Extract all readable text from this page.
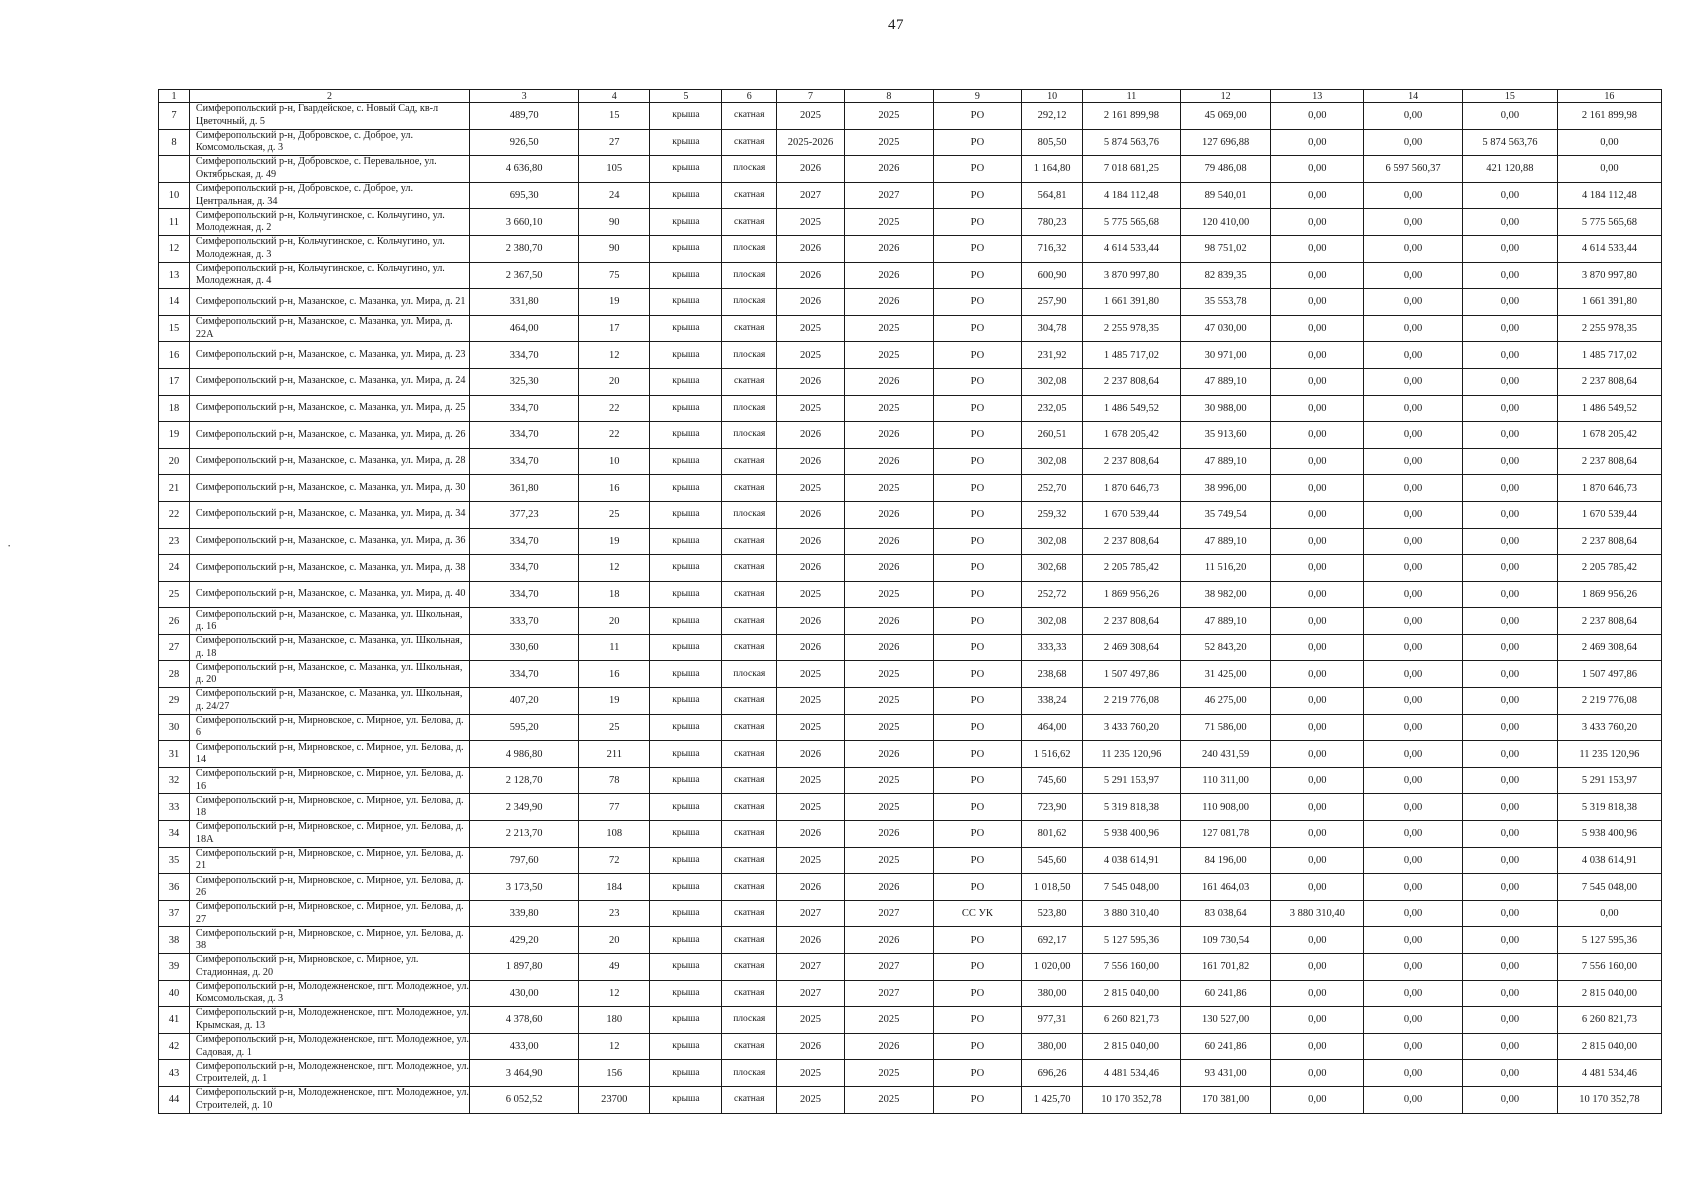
47
·
1	2	3	4	5	6	7	8	9	10	11	12	13	14	15	16
7	Симферопольский р-н, Гвардейское, с. Новый Сад, кв-л Цветочный, д. 5	489,70	15	крыша	скатная	2025	2025	РО	292,12	2 161 899,98	45 069,00	0,00	0,00	0,00	2 161 899,98
8	Симферопольский р-н, Добровское, с. Доброе, ул. Комсомольская, д. 3	926,50	27	крыша	скатная	2025-2026	2025	РО	805,50	5 874 563,76	127 696,88	0,00	0,00	5 874 563,76	0,00
	Симферопольский р-н, Добровское, с. Перевальное, ул. Октябрьская, д. 49	4 636,80	105	крыша	плоская	2026	2026	РО	1 164,80	7 018 681,25	79 486,08	0,00	6 597 560,37	421 120,88	0,00
10	Симферопольский р-н, Добровское, с. Доброе, ул. Центральная, д. 34	695,30	24	крыша	скатная	2027	2027	РО	564,81	4 184 112,48	89 540,01	0,00	0,00	0,00	4 184 112,48
11	Симферопольский р-н, Кольчугинское, с. Кольчугино, ул. Молодежная, д. 2	3 660,10	90	крыша	скатная	2025	2025	РО	780,23	5 775 565,68	120 410,00	0,00	0,00	0,00	5 775 565,68
12	Симферопольский р-н, Кольчугинское, с. Кольчугино, ул. Молодежная, д. 3	2 380,70	90	крыша	плоская	2026	2026	РО	716,32	4 614 533,44	98 751,02	0,00	0,00	0,00	4 614 533,44
13	Симферопольский р-н, Кольчугинское, с. Кольчугино, ул. Молодежная, д. 4	2 367,50	75	крыша	плоская	2026	2026	РО	600,90	3 870 997,80	82 839,35	0,00	0,00	0,00	3 870 997,80
14	Симферопольский р-н, Мазанское, с. Мазанка, ул. Мира, д. 21	331,80	19	крыша	плоская	2026	2026	РО	257,90	1 661 391,80	35 553,78	0,00	0,00	0,00	1 661 391,80
15	Симферопольский р-н, Мазанское, с. Мазанка, ул. Мира, д. 22А	464,00	17	крыша	скатная	2025	2025	РО	304,78	2 255 978,35	47 030,00	0,00	0,00	0,00	2 255 978,35
16	Симферопольский р-н, Мазанское, с. Мазанка, ул. Мира, д. 23	334,70	12	крыша	плоская	2025	2025	РО	231,92	1 485 717,02	30 971,00	0,00	0,00	0,00	1 485 717,02
17	Симферопольский р-н, Мазанское, с. Мазанка, ул. Мира, д. 24	325,30	20	крыша	скатная	2026	2026	РО	302,08	2 237 808,64	47 889,10	0,00	0,00	0,00	2 237 808,64
18	Симферопольский р-н, Мазанское, с. Мазанка, ул. Мира, д. 25	334,70	22	крыша	плоская	2025	2025	РО	232,05	1 486 549,52	30 988,00	0,00	0,00	0,00	1 486 549,52
19	Симферопольский р-н, Мазанское, с. Мазанка, ул. Мира, д. 26	334,70	22	крыша	плоская	2026	2026	РО	260,51	1 678 205,42	35 913,60	0,00	0,00	0,00	1 678 205,42
20	Симферопольский р-н, Мазанское, с. Мазанка, ул. Мира, д. 28	334,70	10	крыша	скатная	2026	2026	РО	302,08	2 237 808,64	47 889,10	0,00	0,00	0,00	2 237 808,64
21	Симферопольский р-н, Мазанское, с. Мазанка, ул. Мира, д. 30	361,80	16	крыша	скатная	2025	2025	РО	252,70	1 870 646,73	38 996,00	0,00	0,00	0,00	1 870 646,73
22	Симферопольский р-н, Мазанское, с. Мазанка, ул. Мира, д. 34	377,23	25	крыша	плоская	2026	2026	РО	259,32	1 670 539,44	35 749,54	0,00	0,00	0,00	1 670 539,44
23	Симферопольский р-н, Мазанское, с. Мазанка, ул. Мира, д. 36	334,70	19	крыша	скатная	2026	2026	РО	302,08	2 237 808,64	47 889,10	0,00	0,00	0,00	2 237 808,64
24	Симферопольский р-н, Мазанское, с. Мазанка, ул. Мира, д. 38	334,70	12	крыша	скатная	2026	2026	РО	302,68	2 205 785,42	11 516,20	0,00	0,00	0,00	2 205 785,42
25	Симферопольский р-н, Мазанское, с. Мазанка, ул. Мира, д. 40	334,70	18	крыша	скатная	2025	2025	РО	252,72	1 869 956,26	38 982,00	0,00	0,00	0,00	1 869 956,26
26	Симферопольский р-н, Мазанское, с. Мазанка, ул. Школьная, д. 16	333,70	20	крыша	скатная	2026	2026	РО	302,08	2 237 808,64	47 889,10	0,00	0,00	0,00	2 237 808,64
27	Симферопольский р-н, Мазанское, с. Мазанка, ул. Школьная, д. 18	330,60	11	крыша	скатная	2026	2026	РО	333,33	2 469 308,64	52 843,20	0,00	0,00	0,00	2 469 308,64
28	Симферопольский р-н, Мазанское, с. Мазанка, ул. Школьная, д. 20	334,70	16	крыша	плоская	2025	2025	РО	238,68	1 507 497,86	31 425,00	0,00	0,00	0,00	1 507 497,86
29	Симферопольский р-н, Мазанское, с. Мазанка, ул. Школьная, д. 24/27	407,20	19	крыша	скатная	2025	2025	РО	338,24	2 219 776,08	46 275,00	0,00	0,00	0,00	2 219 776,08
30	Симферопольский р-н, Мирновское, с. Мирное, ул. Белова, д. 6	595,20	25	крыша	скатная	2025	2025	РО	464,00	3 433 760,20	71 586,00	0,00	0,00	0,00	3 433 760,20
31	Симферопольский р-н, Мирновское, с. Мирное, ул. Белова, д. 14	4 986,80	211	крыша	скатная	2026	2026	РО	1 516,62	11 235 120,96	240 431,59	0,00	0,00	0,00	11 235 120,96
32	Симферопольский р-н, Мирновское, с. Мирное, ул. Белова, д. 16	2 128,70	78	крыша	скатная	2025	2025	РО	745,60	5 291 153,97	110 311,00	0,00	0,00	0,00	5 291 153,97
33	Симферопольский р-н, Мирновское, с. Мирное, ул. Белова, д. 18	2 349,90	77	крыша	скатная	2025	2025	РО	723,90	5 319 818,38	110 908,00	0,00	0,00	0,00	5 319 818,38
34	Симферопольский р-н, Мирновское, с. Мирное, ул. Белова, д. 18А	2 213,70	108	крыша	скатная	2026	2026	РО	801,62	5 938 400,96	127 081,78	0,00	0,00	0,00	5 938 400,96
35	Симферопольский р-н, Мирновское, с. Мирное, ул. Белова, д. 21	797,60	72	крыша	скатная	2025	2025	РО	545,60	4 038 614,91	84 196,00	0,00	0,00	0,00	4 038 614,91
36	Симферопольский р-н, Мирновское, с. Мирное, ул. Белова, д. 26	3 173,50	184	крыша	скатная	2026	2026	РО	1 018,50	7 545 048,00	161 464,03	0,00	0,00	0,00	7 545 048,00
37	Симферопольский р-н, Мирновское, с. Мирное, ул. Белова, д. 27	339,80	23	крыша	скатная	2027	2027	СС УК	523,80	3 880 310,40	83 038,64	3 880 310,40	0,00	0,00	0,00
38	Симферопольский р-н, Мирновское, с. Мирное, ул. Белова, д. 38	429,20	20	крыша	скатная	2026	2026	РО	692,17	5 127 595,36	109 730,54	0,00	0,00	0,00	5 127 595,36
39	Симферопольский р-н, Мирновское, с. Мирное, ул. Стадионная, д. 20	1 897,80	49	крыша	скатная	2027	2027	РО	1 020,00	7 556 160,00	161 701,82	0,00	0,00	0,00	7 556 160,00
40	Симферопольский р-н, Молодежненское, пгт. Молодежное, ул. Комсомольская, д. 3	430,00	12	крыша	скатная	2027	2027	РО	380,00	2 815 040,00	60 241,86	0,00	0,00	0,00	2 815 040,00
41	Симферопольский р-н, Молодежненское, пгт. Молодежное, ул. Крымская, д. 13	4 378,60	180	крыша	плоская	2025	2025	РО	977,31	6 260 821,73	130 527,00	0,00	0,00	0,00	6 260 821,73
42	Симферопольский р-н, Молодежненское, пгт. Молодежное, ул. Садовая, д. 1	433,00	12	крыша	скатная	2026	2026	РО	380,00	2 815 040,00	60 241,86	0,00	0,00	0,00	2 815 040,00
43	Симферопольский р-н, Молодежненское, пгт. Молодежное, ул. Строителей, д. 1	3 464,90	156	крыша	плоская	2025	2025	РО	696,26	4 481 534,46	93 431,00	0,00	0,00	0,00	4 481 534,46
44	Симферопольский р-н, Молодежненское, пгт. Молодежное, ул. Строителей, д. 10	6 052,52	23700	крыша	скатная	2025	2025	РО	1 425,70	10 170 352,78	170 381,00	0,00	0,00	0,00	10 170 352,78
